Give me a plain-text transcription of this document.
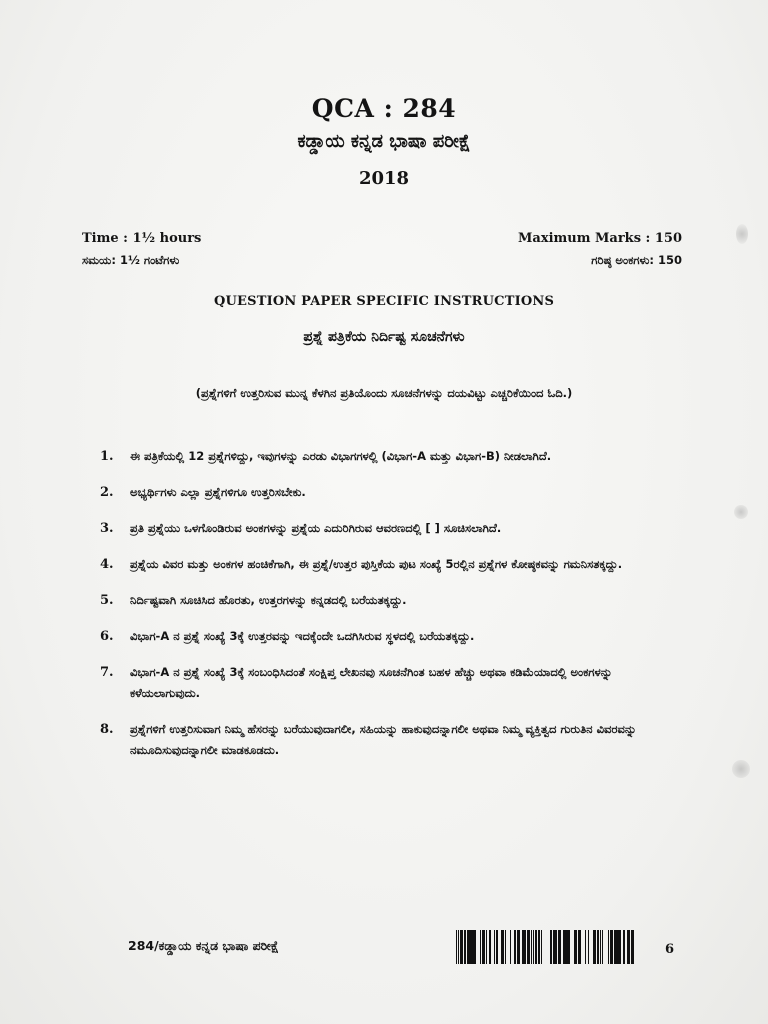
QCA : 284
ಕಡ್ಡಾಯ ಕನ್ನಡ ಭಾಷಾ ಪರೀಕ್ಷೆ
2018
Time : 1½ hours
ಸಮಯ: 1½ ಗಂಟೆಗಳು
Maximum Marks : 150
ಗರಿಷ್ಠ ಅಂಕಗಳು: 150
QUESTION PAPER SPECIFIC INSTRUCTIONS
ಪ್ರಶ್ನೆ ಪತ್ರಿಕೆಯ ನಿರ್ದಿಷ್ಟ ಸೂಚನೆಗಳು
(ಪ್ರಶ್ನೆಗಳಿಗೆ ಉತ್ತರಿಸುವ ಮುನ್ನ ಕೆಳಗಿನ ಪ್ರತಿಯೊಂದು ಸೂಚನೆಗಳನ್ನು ದಯವಿಟ್ಟು ಎಚ್ಚರಿಕೆಯಿಂದ ಓದಿ.)
1. ಈ ಪತ್ರಿಕೆಯಲ್ಲಿ 12 ಪ್ರಶ್ನೆಗಳಿದ್ದು, ಇವುಗಳನ್ನು ಎರಡು ವಿಭಾಗಗಳಲ್ಲಿ (ವಿಭಾಗ-A ಮತ್ತು ವಿಭಾಗ-B) ನೀಡಲಾಗಿದೆ.
2. ಅಭ್ಯರ್ಥಿಗಳು ಎಲ್ಲಾ ಪ್ರಶ್ನೆಗಳಿಗೂ ಉತ್ತರಿಸಬೇಕು.
3. ಪ್ರತಿ ಪ್ರಶ್ನೆಯು ಒಳಗೊಂಡಿರುವ ಅಂಕಗಳನ್ನು ಪ್ರಶ್ನೆಯ ಎದುರಿಗಿರುವ ಆವರಣದಲ್ಲಿ [ ] ಸೂಚಿಸಲಾಗಿದೆ.
4. ಪ್ರಶ್ನೆಯ ವಿವರ ಮತ್ತು ಅಂಕಗಳ ಹಂಚಿಕೆಗಾಗಿ, ಈ ಪ್ರಶ್ನೆ/ಉತ್ತರ ಪುಸ್ತಿಕೆಯ ಪುಟ ಸಂಖ್ಯೆ 5ರಲ್ಲಿನ ಪ್ರಶ್ನೆಗಳ ಕೋಷ್ಠಕವನ್ನು ಗಮನಿಸತಕ್ಕದ್ದು.
5. ನಿರ್ದಿಷ್ಟವಾಗಿ ಸೂಚಿಸಿದ ಹೊರತು, ಉತ್ತರಗಳನ್ನು ಕನ್ನಡದಲ್ಲಿ ಬರೆಯತಕ್ಕದ್ದು.
6. ವಿಭಾಗ-A ನ ಪ್ರಶ್ನೆ ಸಂಖ್ಯೆ 3ಕ್ಕೆ ಉತ್ತರವನ್ನು ಇದಕ್ಕೆಂದೇ ಒದಗಿಸಿರುವ ಸ್ಥಳದಲ್ಲಿ ಬರೆಯತಕ್ಕದ್ದು.
7. ವಿಭಾಗ-A ನ ಪ್ರಶ್ನೆ ಸಂಖ್ಯೆ 3ಕ್ಕೆ ಸಂಬಂಧಿಸಿದಂತೆ ಸಂಕ್ಷಿಪ್ತ ಲೇಖನವು ಸೂಚನೆಗಿಂತ ಬಹಳ ಹೆಚ್ಚು ಅಥವಾ ಕಡಿಮೆಯಾದಲ್ಲಿ ಅಂಕಗಳನ್ನು ಕಳೆಯಲಾಗುವುದು.
8. ಪ್ರಶ್ನೆಗಳಿಗೆ ಉತ್ತರಿಸುವಾಗ ನಿಮ್ಮ ಹೆಸರನ್ನು ಬರೆಯುವುದಾಗಲೀ, ಸಹಿಯನ್ನು ಹಾಕುವುದನ್ನಾಗಲೀ ಅಥವಾ ನಿಮ್ಮ ವ್ಯಕ್ತಿತ್ವದ ಗುರುತಿನ ವಿವರವನ್ನು ನಮೂದಿಸುವುದನ್ನಾಗಲೀ ಮಾಡಕೂಡದು.
284/ಕಡ್ಡಾಯ ಕನ್ನಡ ಭಾಷಾ ಪರೀಕ್ಷೆ	6
